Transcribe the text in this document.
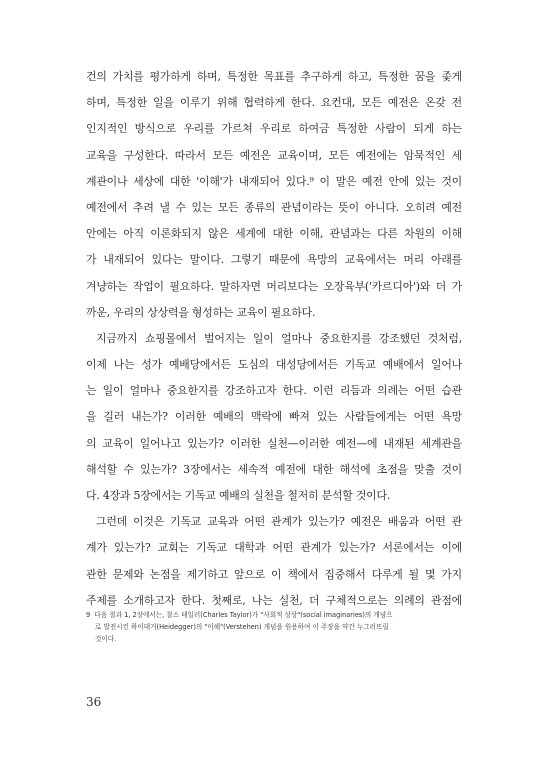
건의 가치를 평가하게 하며, 특정한 목표를 추구하게 하고, 특정한 꿈을 좇게
하며, 특정한 일을 이루기 위해 협력하게 한다. 요컨대, 모든 예전은 온갖 전
인지적인 방식으로 우리를 가르쳐 우리로 하여금 특정한 사람이 되게 하는
교육을 구성한다. 따라서 모든 예전은 교육이며, 모든 예전에는 암묵적인 세
계관이나 세상에 대한 '이해'가 내재되어 있다.⁹ 이 말은 예전 안에 있는 것이
예전에서 추려 낼 수 있는 모든 종류의 관념이라는 뜻이 아니다. 오히려 예전
안에는 아직 이론화되지 않은 세계에 대한 이해, 관념과는 다른 차원의 이해
가 내재되어 있다는 말이다. 그렇기 때문에 욕망의 교육에서는 머리 아래를
겨냥하는 작업이 필요하다. 말하자면 머리보다는 오장육부('카르디아')와 더 가
까운, 우리의 상상력을 형성하는 교육이 필요하다.
지금까지 쇼핑몰에서 벌어지는 일이 얼마나 중요한지를 강조했던 것처럼,
이제 나는 성가 예배당에서든 도심의 대성당에서든 기독교 예배에서 일어나
는 일이 얼마나 중요한지를 강조하고자 한다. 이런 리듬과 의례는 어떤 습관
을 길러 내는가? 이러한 예배의 맥락에 빠져 있는 사람들에게는 어떤 욕망
의 교육이 일어나고 있는가? 이러한 실천—이러한 예전—에 내재된 세계관을
해석할 수 있는가? 3장에서는 세속적 예전에 대한 해석에 초점을 맞출 것이
다. 4장과 5장에서는 기독교 예배의 실천을 철저히 분석할 것이다.
그런데 이것은 기독교 교육과 어떤 관계가 있는가? 예전은 배움과 어떤 관
계가 있는가? 교회는 기독교 대학과 어떤 관계가 있는가? 서론에서는 이에
관한 문제와 논점을 제기하고 앞으로 이 책에서 집중해서 다루게 될 몇 가지
주제를 소개하고자 한다. 첫째로, 나는 실천, 더 구체적으로는 의례의 관점에
9 다음 절과 1, 2장에서는, 찰스 테일러(Charles Taylor)가 "사회적 상상"(social imaginaries)의 개념으
로 발전시킨 하이데거(Heidegger)의 "이해"(Verstehen) 개념을 원용하여 이 주장을 약간 누그러뜨릴
것이다.
36
